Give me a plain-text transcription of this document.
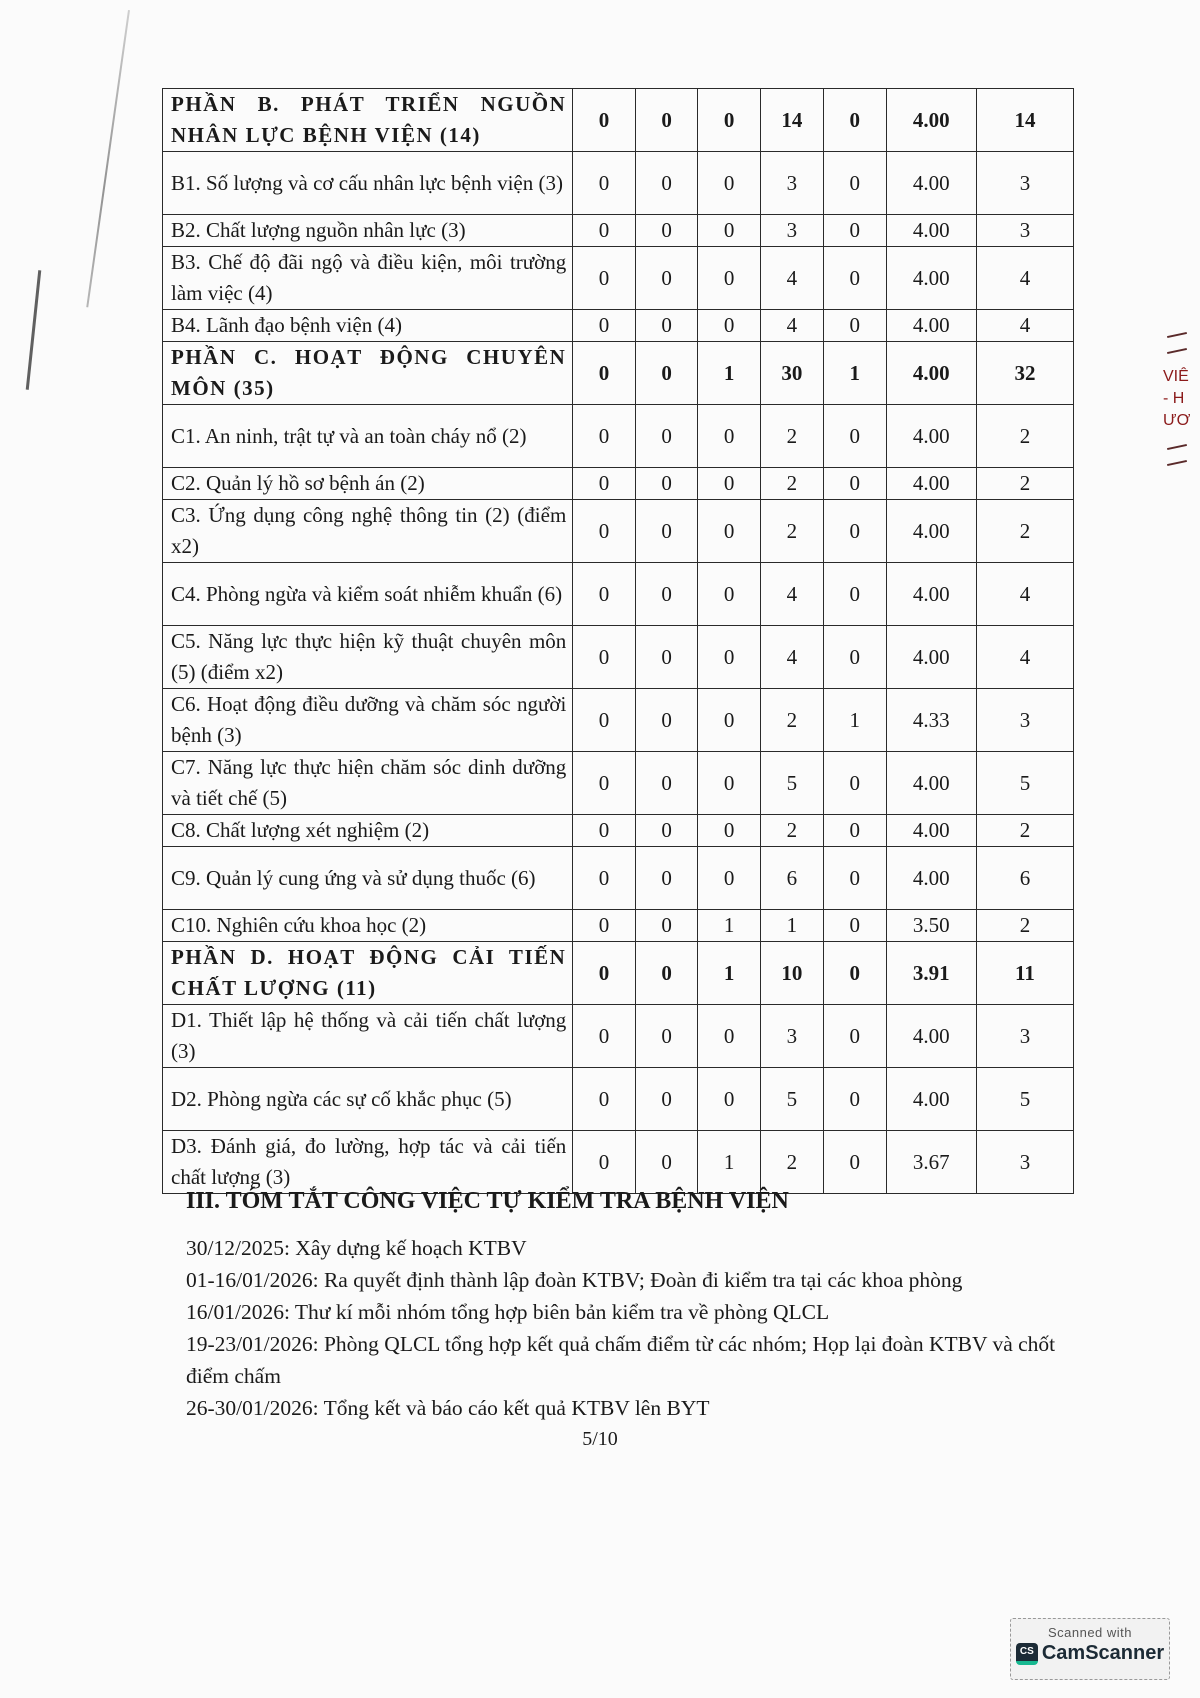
PHẦN B. PHÁT TRIỂN NGUỒN NHÂN LỰC BỆNH VIỆN (14)	0	0	0	14	0	4.00	14
B1. Số lượng và cơ cấu nhân lực bệnh viện (3)	0	0	0	3	0	4.00	3
B2. Chất lượng nguồn nhân lực (3)	0	0	0	3	0	4.00	3
B3. Chế độ đãi ngộ và điều kiện, môi trường làm việc (4)	0	0	0	4	0	4.00	4
B4. Lãnh đạo bệnh viện (4)	0	0	0	4	0	4.00	4
PHẦN C. HOẠT ĐỘNG CHUYÊN MÔN (35)	0	0	1	30	1	4.00	32
C1. An ninh, trật tự và an toàn cháy nổ (2)	0	0	0	2	0	4.00	2
C2. Quản lý hồ sơ bệnh án (2)	0	0	0	2	0	4.00	2
C3. Ứng dụng công nghệ thông tin (2) (điểm x2)	0	0	0	2	0	4.00	2
C4. Phòng ngừa và kiểm soát nhiễm khuẩn (6)	0	0	0	4	0	4.00	4
C5. Năng lực thực hiện kỹ thuật chuyên môn (5) (điểm x2)	0	0	0	4	0	4.00	4
C6. Hoạt động điều dưỡng và chăm sóc người bệnh (3)	0	0	0	2	1	4.33	3
C7. Năng lực thực hiện chăm sóc dinh dưỡng và tiết chế (5)	0	0	0	5	0	4.00	5
C8. Chất lượng xét nghiệm (2)	0	0	0	2	0	4.00	2
C9. Quản lý cung ứng và sử dụng thuốc (6)	0	0	0	6	0	4.00	6
C10. Nghiên cứu khoa học (2)	0	0	1	1	0	3.50	2
PHẦN D. HOẠT ĐỘNG CẢI TIẾN CHẤT LƯỢNG (11)	0	0	1	10	0	3.91	11
D1. Thiết lập hệ thống và cải tiến chất lượng (3)	0	0	0	3	0	4.00	3
D2. Phòng ngừa các sự cố khắc phục (5)	0	0	0	5	0	4.00	5
D3. Đánh giá, đo lường, hợp tác và cải tiến chất lượng (3)	0	0	1	2	0	3.67	3
III. TÓM TẮT CÔNG VIỆC TỰ KIỂM TRA BỆNH VIỆN
30/12/2025: Xây dựng kế hoạch KTBV
01-16/01/2026: Ra quyết định thành lập đoàn KTBV; Đoàn đi kiểm tra tại các khoa phòng
16/01/2026: Thư kí mỗi nhóm tổng hợp biên bản kiểm tra về phòng QLCL
19-23/01/2026: Phòng QLCL tổng hợp kết quả chấm điểm từ các nhóm; Họp lại đoàn KTBV và chốt điểm chấm
26-30/01/2026: Tổng kết và báo cáo kết quả KTBV lên BYT
5/10
VIÊ
- H
ƯƠ
Scanned with
CS CamScanner
